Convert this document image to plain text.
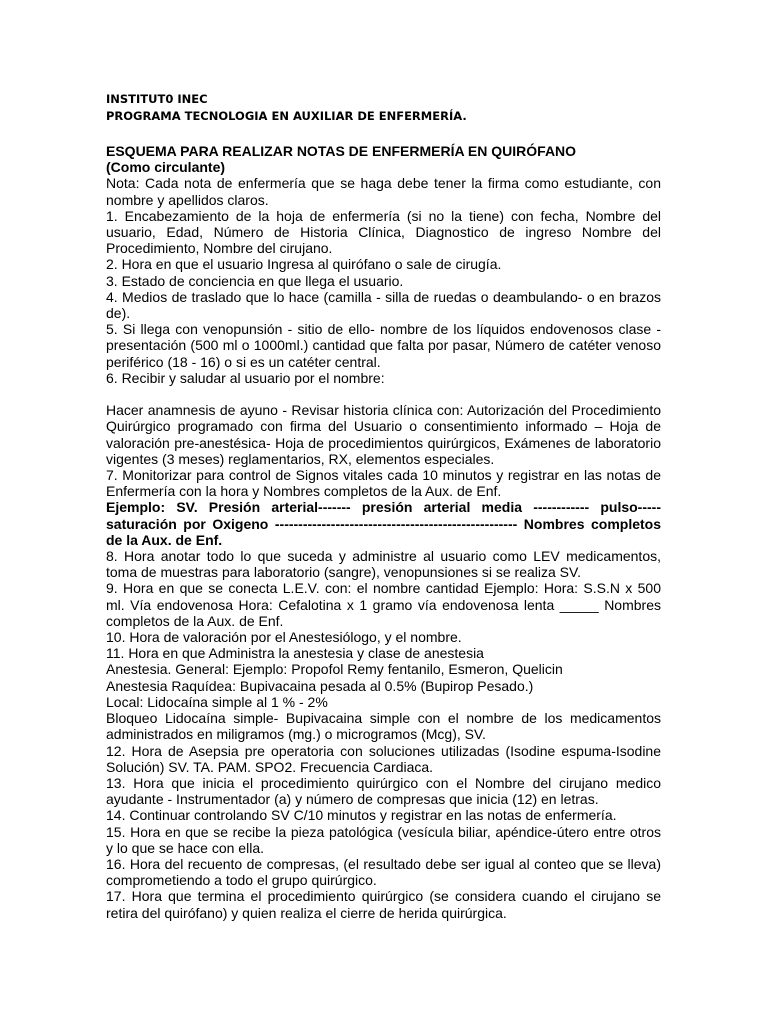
INSTITUT0 INEC
PROGRAMA TECNOLOGIA EN AUXILIAR DE ENFERMERÍA.

ESQUEMA PARA REALIZAR NOTAS DE ENFERMERÍA EN QUIRÓFANO

(Como circulante)

Nota: Cada nota de enfermería que se haga debe tener la firma como estudiante, con nombre y apellidos claros.

1. Encabezamiento de la hoja de enfermería (si no la tiene) con fecha, Nombre del usuario, Edad, Número de Historia Clínica, Diagnostico de ingreso Nombre del Procedimiento, Nombre del cirujano.

2. Hora en que el usuario Ingresa al quirófano o sale de cirugía.

3. Estado de conciencia en que llega el usuario.

4. Medios de traslado que lo hace (camilla - silla de ruedas o deambulando- o en brazos de).

5. Si llega con venopunsión - sitio de ello- nombre de los líquidos endovenosos clase - presentación (500 ml o 1000ml.) cantidad que falta por pasar, Número de catéter venoso periférico (18 - 16) o si es un catéter central.

6. Recibir y saludar al usuario por el nombre:

Hacer anamnesis de ayuno - Revisar historia clínica con: Autorización del Procedimiento Quirúrgico programado con firma del Usuario o consentimiento informado – Hoja de valoración pre-anestésica- Hoja de procedimientos quirúrgicos, Exámenes de laboratorio vigentes (3 meses) reglamentarios, RX, elementos especiales.

7. Monitorizar para control de Signos vitales cada 10 minutos y registrar en las notas de Enfermería con la hora y Nombres completos de la Aux. de Enf.

Ejemplo: SV. Presión arterial------- presión arterial media ------------ pulso----- saturación por Oxigeno ---------------------------------------------------- Nombres completos de la Aux. de Enf.

8. Hora anotar todo lo que suceda y administre al usuario como LEV medicamentos, toma de muestras para laboratorio (sangre), venopunsiones si se realiza SV.

9. Hora en que se conecta L.E.V. con: el nombre cantidad Ejemplo: Hora: S.S.N x 500 ml. Vía endovenosa Hora: Cefalotina x 1 gramo vía endovenosa lenta _____ Nombres completos de la Aux. de Enf.

10. Hora de valoración por el Anestesiólogo, y el nombre.

11. Hora en que Administra la anestesia y clase de anestesia

Anestesia. General: Ejemplo: Propofol Remy fentanilo, Esmeron, Quelicin

Anestesia Raquídea: Bupivacaina pesada al 0.5% (Bupirop Pesado.)

Local: Lidocaína simple al 1 % - 2%

Bloqueo Lidocaína simple- Bupivacaina simple con el nombre de los medicamentos administrados en miligramos (mg.) o microgramos (Mcg), SV.

12. Hora de Asepsia pre operatoria con soluciones utilizadas (Isodine espuma-Isodine Solución) SV. TA. PAM. SPO2. Frecuencia Cardiaca.

13. Hora que inicia el procedimiento quirúrgico con el Nombre del cirujano medico ayudante - Instrumentador (a) y número de compresas que inicia (12) en letras.

14. Continuar controlando SV C/10 minutos y registrar en las notas de enfermería.

15. Hora en que se recibe la pieza patológica (vesícula biliar, apéndice-útero entre otros y lo que se hace con ella.

16. Hora del recuento de compresas, (el resultado debe ser igual al conteo que se lleva) comprometiendo a todo el grupo quirúrgico.

17. Hora que termina el procedimiento quirúrgico (se considera cuando el cirujano se retira del quirófano) y quien realiza el cierre de herida quirúrgica.
